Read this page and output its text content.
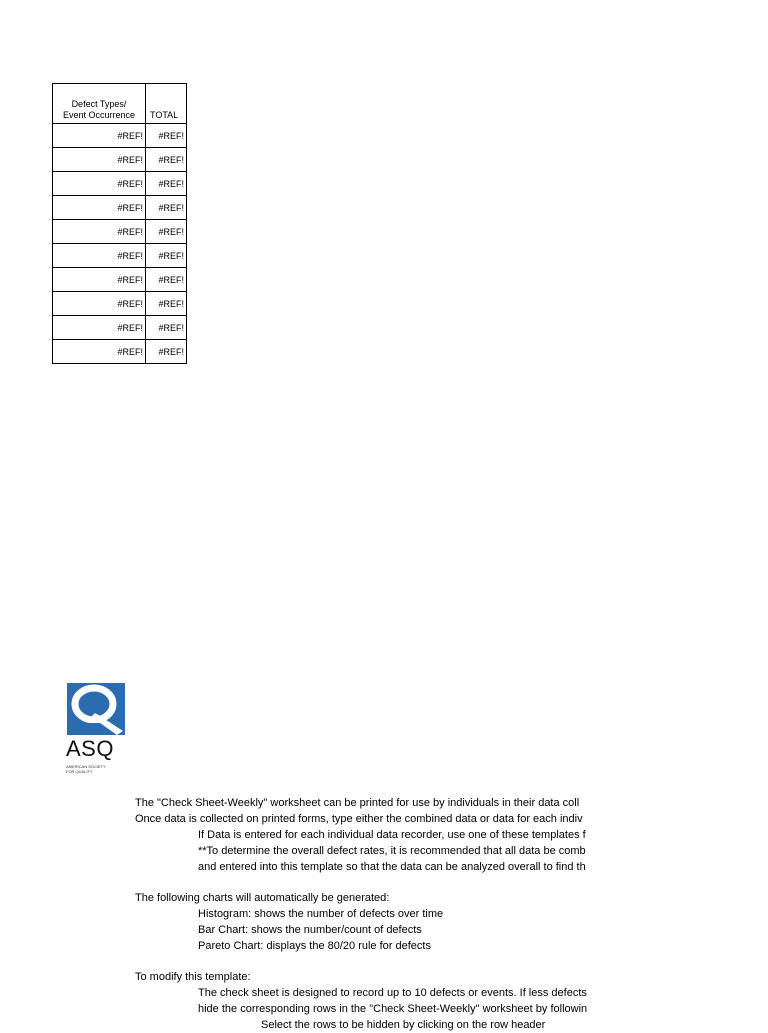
Defect Types/
Event Occurrence	TOTAL
#REF!	#REF!
#REF!	#REF!
#REF!	#REF!
#REF!	#REF!
#REF!	#REF!
#REF!	#REF!
#REF!	#REF!
#REF!	#REF!
#REF!	#REF!
#REF!	#REF!
ASQ
AMERICAN SOCIETY
FOR QUALITY
The "Check Sheet-Weekly" worksheet can be printed for use by individuals in their data coll
Once data is collected on printed forms, type either the combined data or data for each indiv
If Data is entered for each individual data recorder, use one of these templates f
**To determine the overall defect rates, it is recommended that all data be comb
and entered into this template so that the data can be analyzed overall to find th
The following charts will automatically be generated:
Histogram: shows the number of defects over time
Bar Chart: shows the number/count of defects
Pareto Chart: displays the 80/20 rule for defects
To modify this template:
The check sheet is designed to record up to 10 defects or events. If less defects
hide the corresponding rows in the "Check Sheet-Weekly" worksheet by followin
Select the rows to be hidden by clicking on the row header
